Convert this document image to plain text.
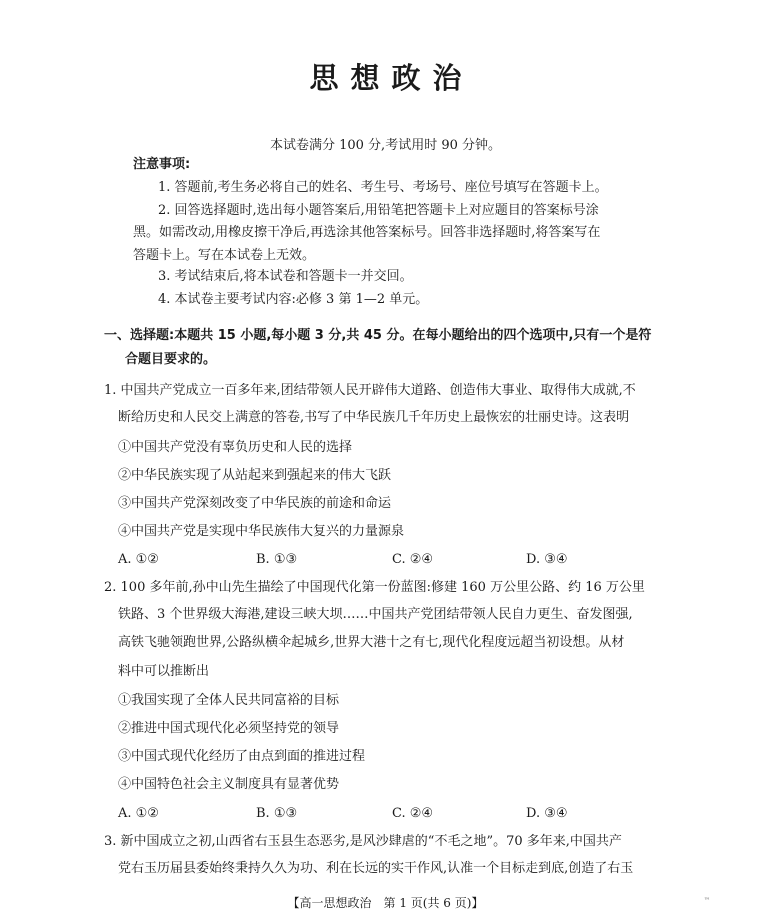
思想政治
本试卷满分 100 分,考试用时 90 分钟。
注意事项:
1. 答题前,考生务必将自己的姓名、考生号、考场号、座位号填写在答题卡上。
2. 回答选择题时,选出每小题答案后,用铅笔把答题卡上对应题目的答案标号涂
黑。如需改动,用橡皮擦干净后,再选涂其他答案标号。回答非选择题时,将答案写在
答题卡上。写在本试卷上无效。
3. 考试结束后,将本试卷和答题卡一并交回。
4. 本试卷主要考试内容:必修 3 第 1—2 单元。
一、选择题:本题共 15 小题,每小题 3 分,共 45 分。在每小题给出的四个选项中,只有一个是符
合题目要求的。
1. 中国共产党成立一百多年来,团结带领人民开辟伟大道路、创造伟大事业、取得伟大成就,不
断给历史和人民交上满意的答卷,书写了中华民族几千年历史上最恢宏的壮丽史诗。这表明
①中国共产党没有辜负历史和人民的选择
②中华民族实现了从站起来到强起来的伟大飞跃
③中国共产党深刻改变了中华民族的前途和命运
④中国共产党是实现中华民族伟大复兴的力量源泉
A. ①②	B. ①③	C. ②④	D. ③④
2. 100 多年前,孙中山先生描绘了中国现代化第一份蓝图:修建 160 万公里公路、约 16 万公里
铁路、3 个世界级大海港,建设三峡大坝……中国共产党团结带领人民自力更生、奋发图强,
高铁飞驰领跑世界,公路纵横伞起城乡,世界大港十之有七,现代化程度远超当初设想。从材
料中可以推断出
①我国实现了全体人民共同富裕的目标
②推进中国式现代化必须坚持党的领导
③中国式现代化经历了由点到面的推进过程
④中国特色社会主义制度具有显著优势
A. ①②	B. ①③	C. ②④	D. ③④
3. 新中国成立之初,山西省右玉县生态恶劣,是风沙肆虐的“不毛之地”。70 多年来,中国共产
党右玉历届县委始终秉持久久为功、利在长远的实干作风,认准一个目标走到底,创造了右玉
【高一思想政治　第 1 页(共 6 页)】	™
